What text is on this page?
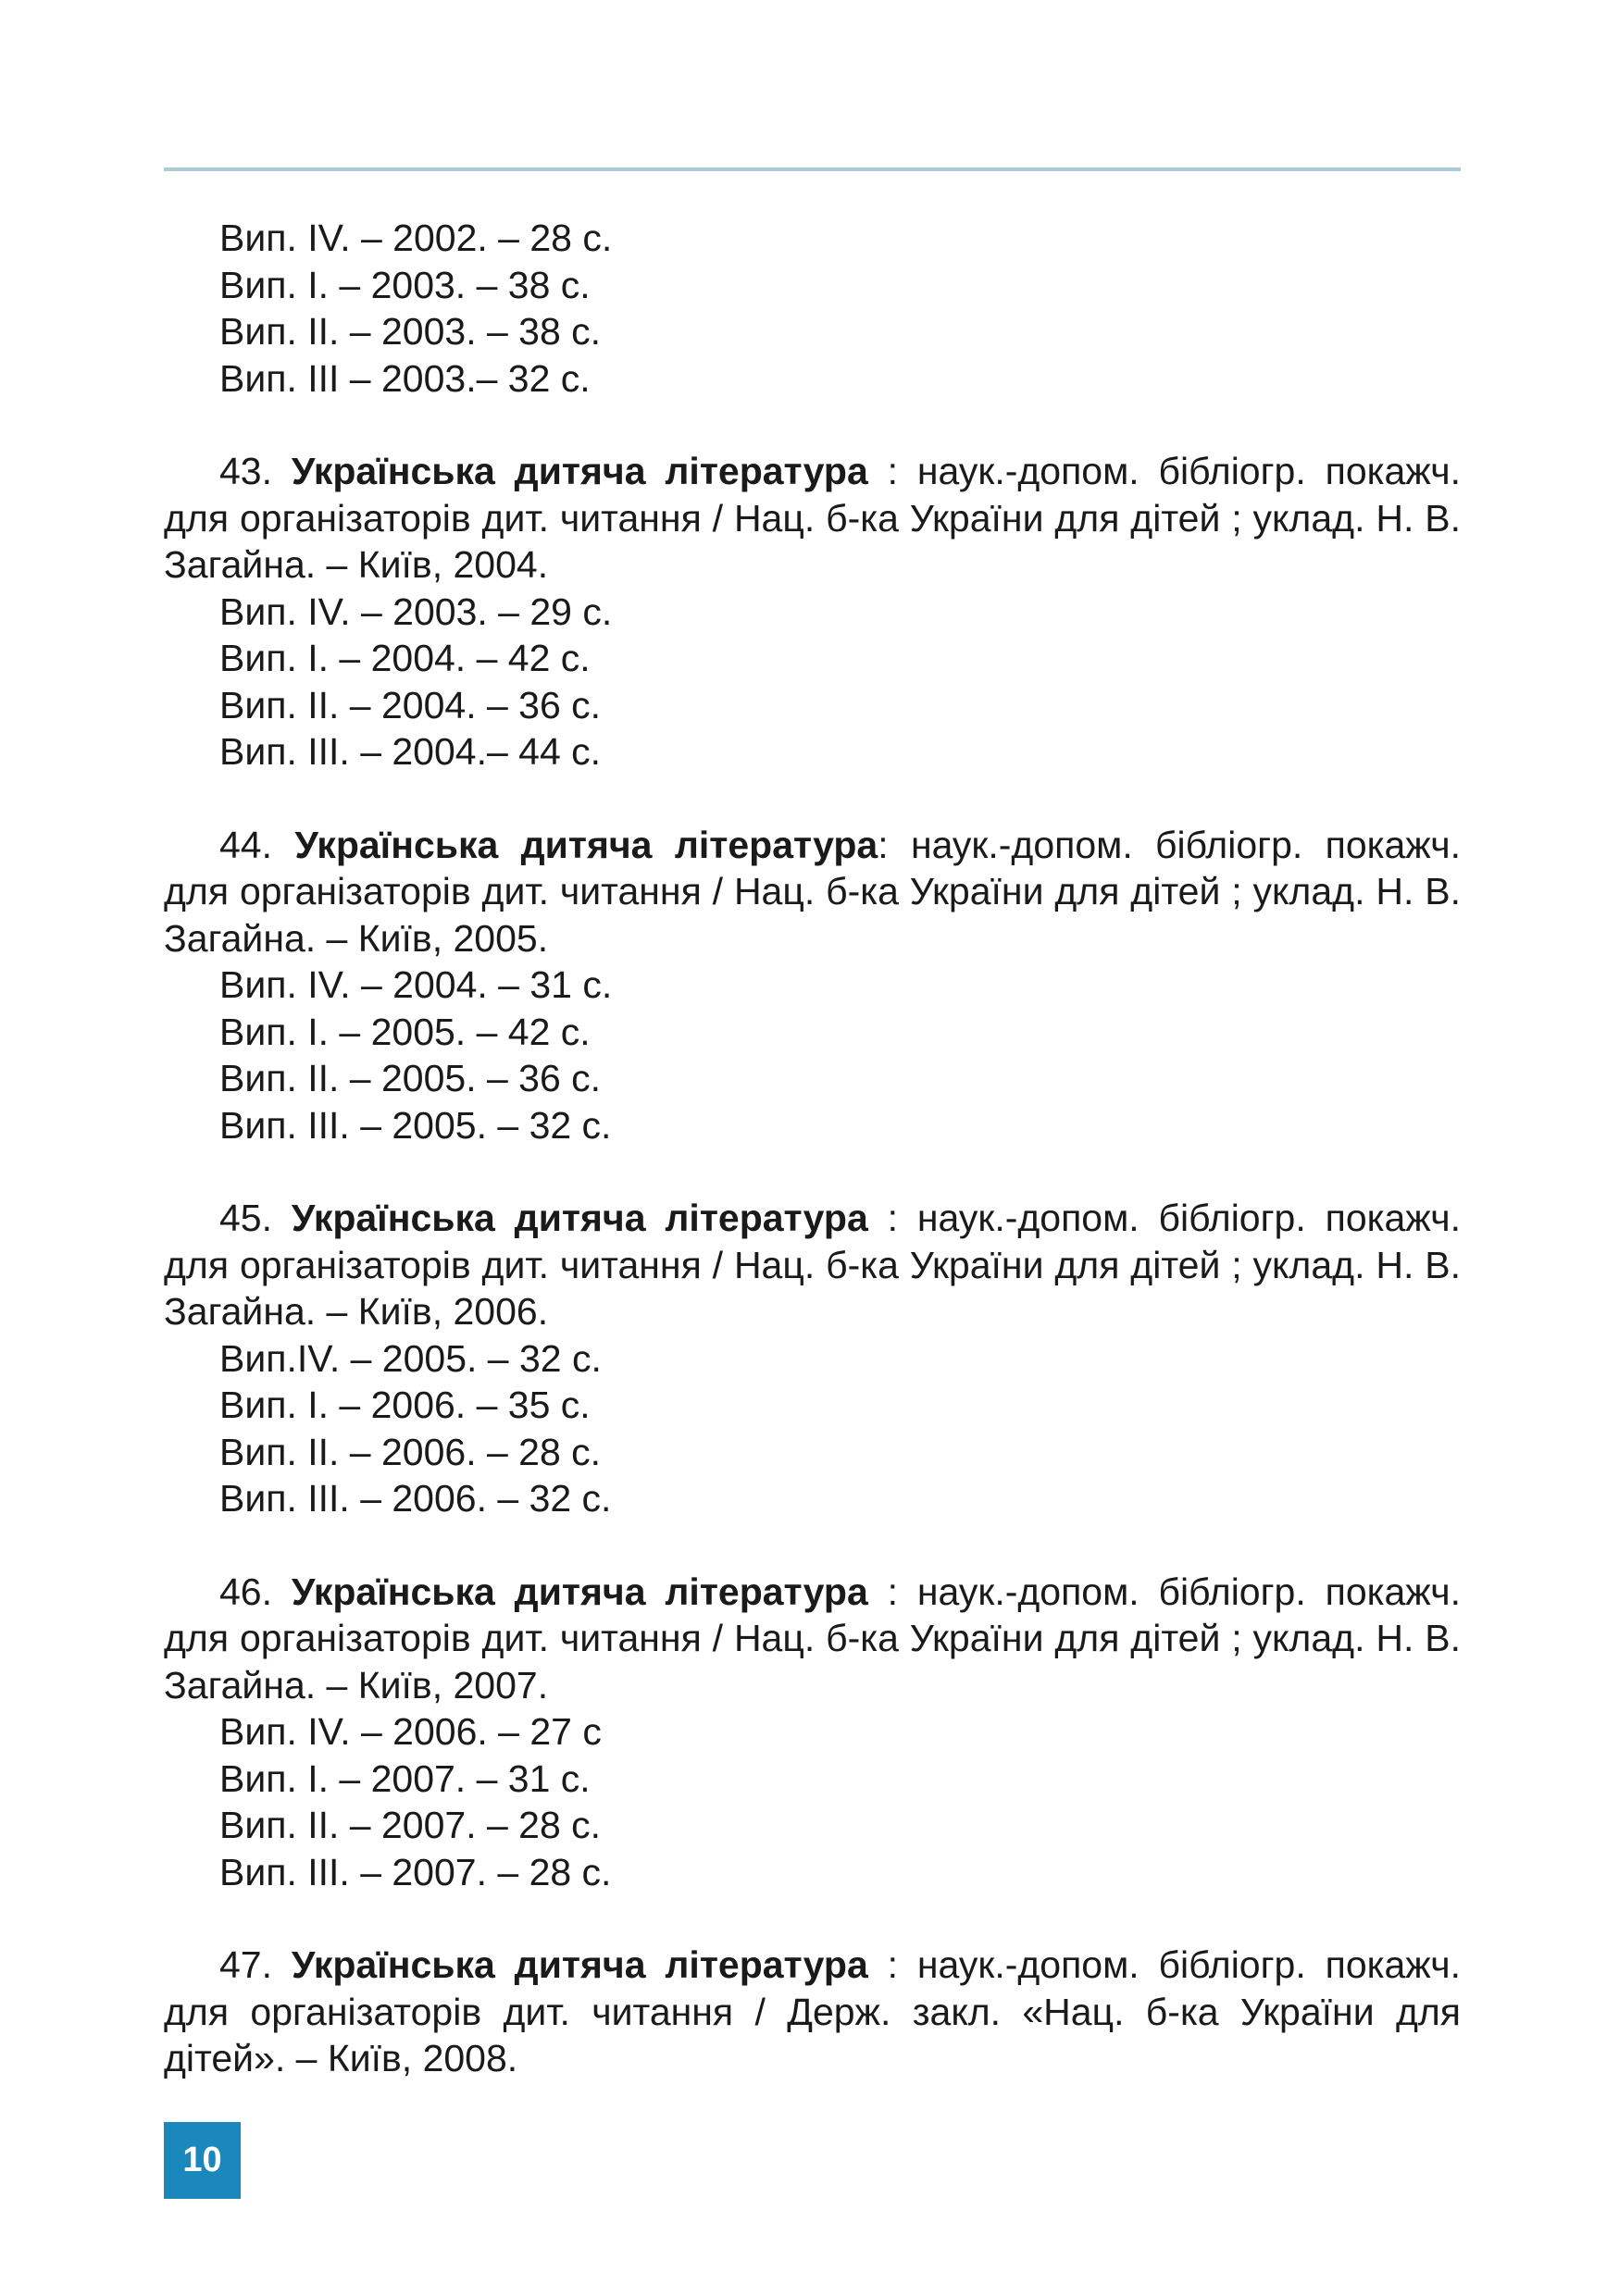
Вип. IV. – 2002. – 28 с.
Вип. I. – 2003. – 38 с.
Вип. II. – 2003. – 38 с.
Вип. III – 2003.– 32 с.
43. Українська дитяча література : наук.-допом. бібліогр. покажч. для організаторів дит. читання / Нац. б-ка України для дітей ; уклад. Н. В. Загайна. – Київ, 2004.
Вип. IV. – 2003. – 29 с.
Вип. I. – 2004. – 42 с.
Вип. II. – 2004. – 36 с.
Вип. III. – 2004.– 44 с.
44. Українська дитяча література: наук.-допом. бібліогр. покажч. для організаторів дит. читання / Нац. б-ка України для дітей ; уклад. Н. В. Загайна. – Київ, 2005.
Вип. IV. – 2004. – 31 с.
Вип. I. – 2005. – 42 с.
Вип. II. – 2005. – 36 с.
Вип. III. – 2005. – 32 с.
45. Українська дитяча література : наук.-допом. бібліогр. покажч. для організаторів дит. читання / Нац. б-ка України для дітей ; уклад. Н. В. Загайна. – Київ, 2006.
Вип.IV. – 2005. – 32 с.
Вип. I. – 2006. – 35 с.
Вип. II. – 2006. – 28 с.
Вип. III. – 2006. – 32 с.
46. Українська дитяча література : наук.-допом. бібліогр. покажч. для організаторів дит. читання / Нац. б-ка України для дітей ; уклад. Н. В. Загайна. – Київ, 2007.
Вип. IV. – 2006. – 27 с
Вип. I. – 2007. – 31 с.
Вип. II. – 2007. – 28 с.
Вип. III. – 2007. – 28 с.
47. Українська дитяча література : наук.-допом. бібліогр. покажч. для організаторів дит. читання / Держ. закл. «Нац. б-ка України для дітей». – Київ, 2008.
10
